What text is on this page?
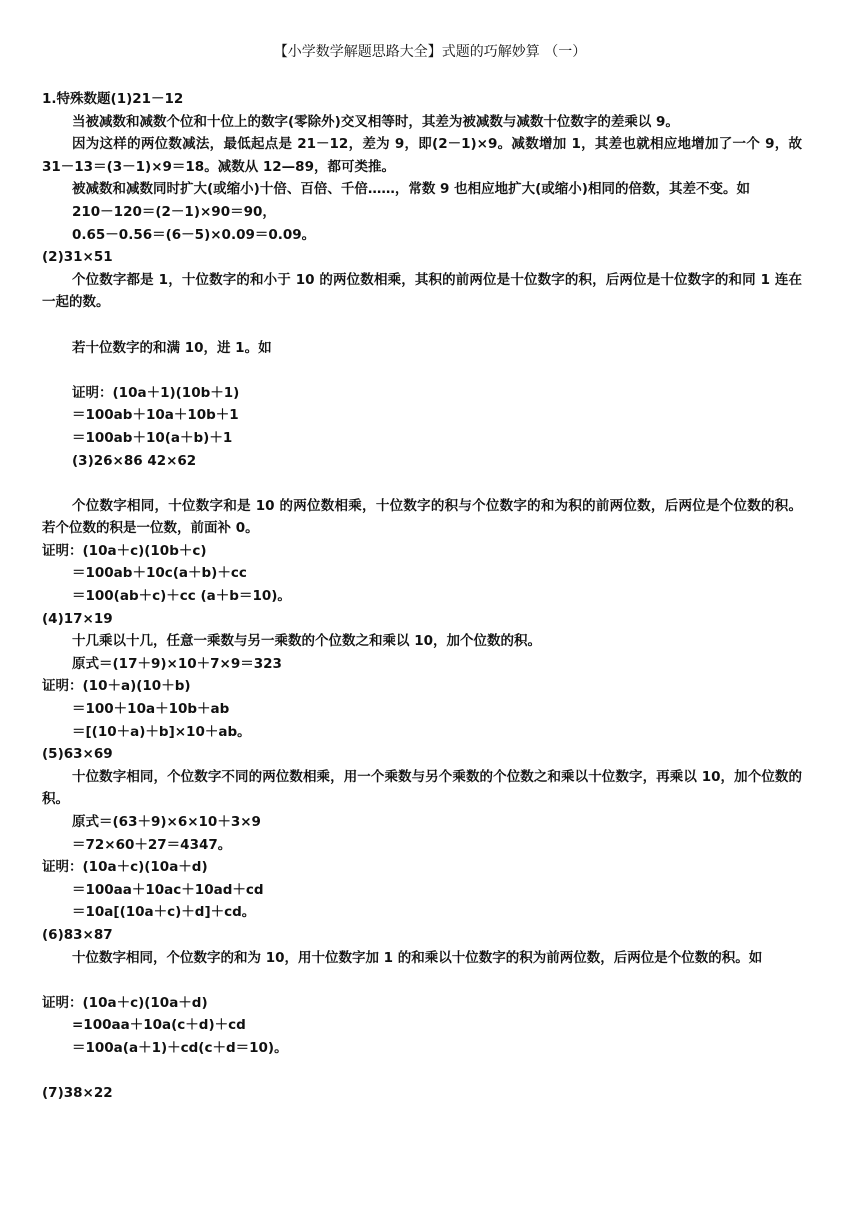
【小学数学解题思路大全】式题的巧解妙算 （一）
1.特殊数题(1)21－12
当被减数和减数个位和十位上的数字(零除外)交叉相等时，其差为被减数与减数十位数字的差乘以 9。
因为这样的两位数减法，最低起点是 21－12，差为 9，即(2－1)×9。减数增加 1，其差也就相应地增加了一个 9，故 31－13＝(3－1)×9＝18。减数从 12—89，都可类推。
被减数和减数同时扩大(或缩小)十倍、百倍、千倍……，常数 9 也相应地扩大(或缩小)相同的倍数，其差不变。如
210－120＝(2－1)×90＝90，
0.65－0.56＝(6－5)×0.09＝0.09。
(2)31×51
个位数字都是 1，十位数字的和小于 10 的两位数相乘，其积的前两位是十位数字的积，后两位是十位数字的和同 1 连在一起的数。
若十位数字的和满 10，进 1。如
证明：(10a＋1)(10b＋1)
＝100ab＋10a＋10b＋1
＝100ab＋10(a＋b)＋1
(3)26×86 42×62
个位数字相同，十位数字和是 10 的两位数相乘，十位数字的积与个位数字的和为积的前两位数，后两位是个位数的积。若个位数的积是一位数，前面补 0。
证明：(10a＋c)(10b＋c)
＝100ab＋10c(a＋b)＋cc
＝100(ab＋c)＋cc (a＋b＝10)。
(4)17×19
十几乘以十几，任意一乘数与另一乘数的个位数之和乘以 10，加个位数的积。
原式＝(17＋9)×10＋7×9＝323
证明：(10＋a)(10＋b)
＝100＋10a＋10b＋ab
＝[(10＋a)＋b]×10＋ab。
(5)63×69
十位数字相同，个位数字不同的两位数相乘，用一个乘数与另个乘数的个位数之和乘以十位数字，再乘以 10，加个位数的积。
原式＝(63＋9)×6×10＋3×9
＝72×60＋27＝4347。
证明：(10a＋c)(10a＋d)
＝100aa＋10ac＋10ad＋cd
＝10a[(10a＋c)＋d]＋cd。
(6)83×87
十位数字相同，个位数字的和为 10，用十位数字加 1 的和乘以十位数字的积为前两位数，后两位是个位数的积。如
证明：(10a＋c)(10a＋d)
=100aa＋10a(c＋d)＋cd
＝100a(a＋1)＋cd(c＋d＝10)。
(7)38×22
